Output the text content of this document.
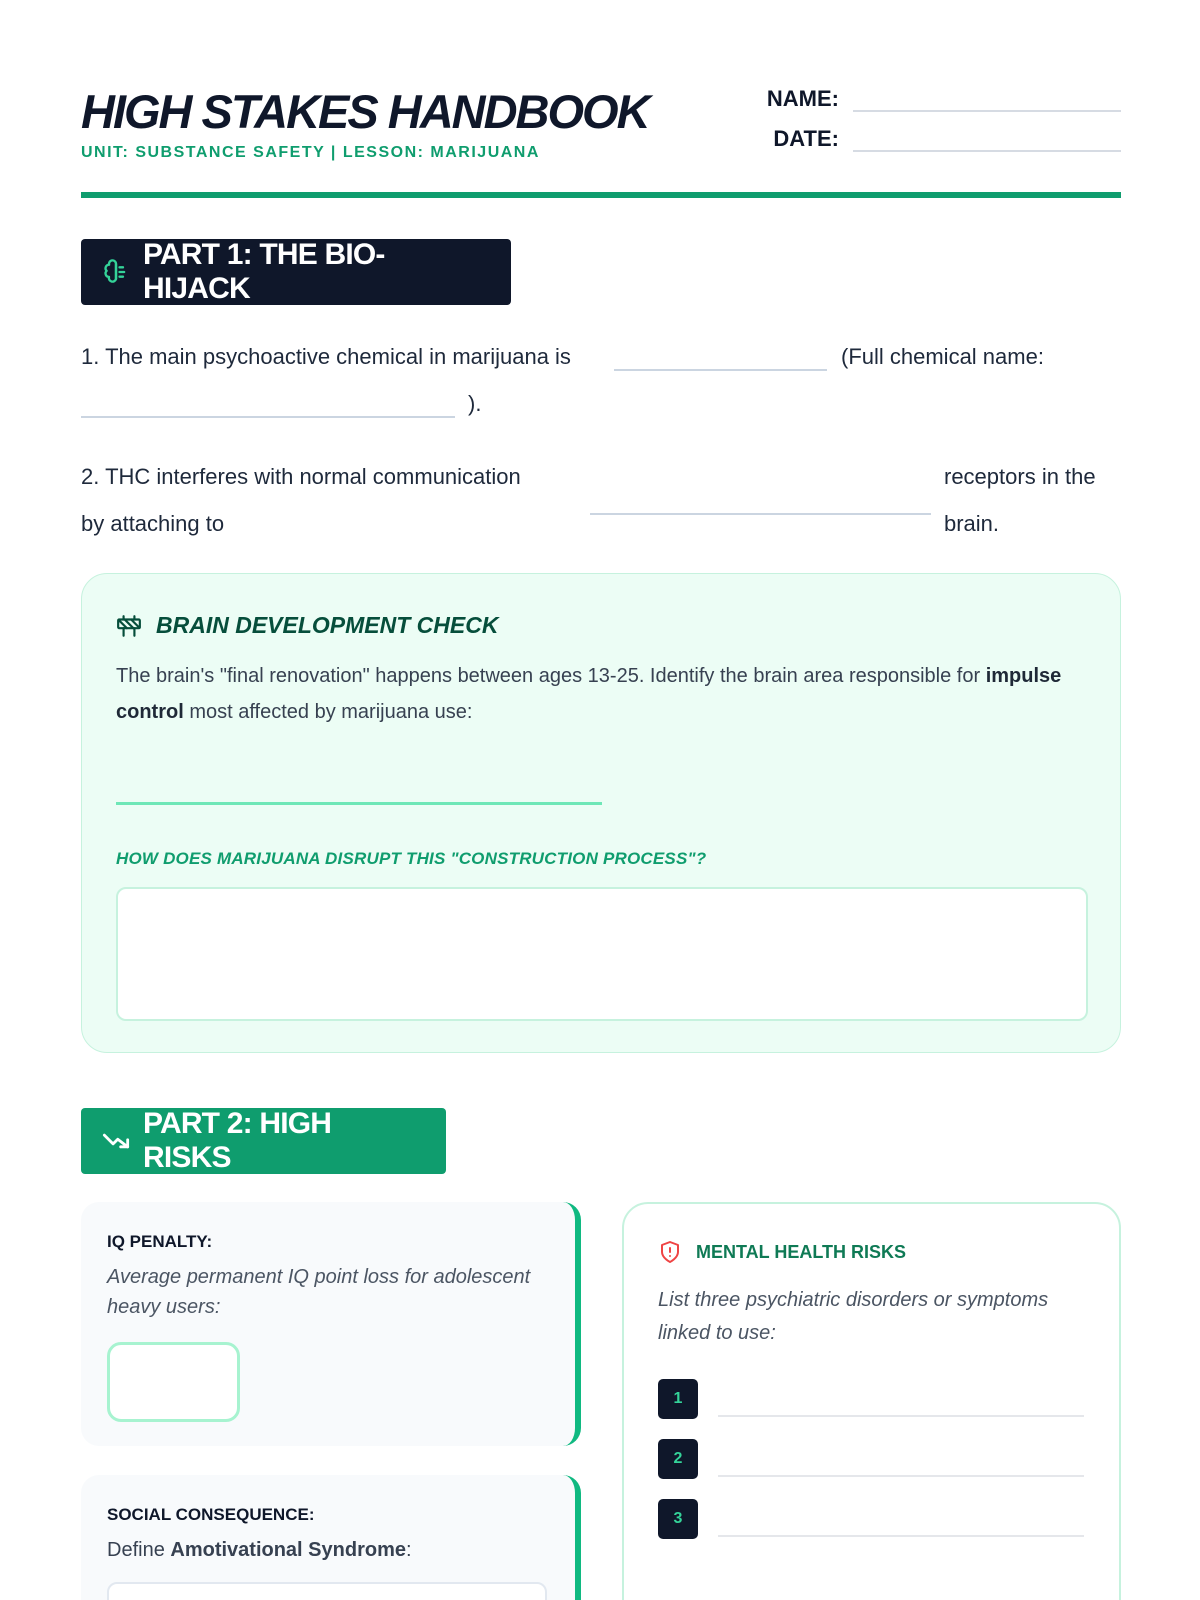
HIGH STAKES HANDBOOK
UNIT: SUBSTANCE SAFETY | LESSON: MARIJUANA
NAME:
DATE:
PART 1: THE BIO-HIJACK
1. The main psychoactive chemical in marijuana is	(Full chemical name:
).
2. THC interferes with normal communication
by attaching to
receptors in the
brain.
BRAIN DEVELOPMENT CHECK
The brain's "final renovation" happens between ages 13-25. Identify the brain area responsible for impulse control most affected by marijuana use:
HOW DOES MARIJUANA DISRUPT THIS "CONSTRUCTION PROCESS"?
PART 2: HIGH RISKS
IQ PENALTY:
Average permanent IQ point loss for adolescent heavy users:
SOCIAL CONSEQUENCE:
Define Amotivational Syndrome:
MENTAL HEALTH RISKS
List three psychiatric disorders or symptoms linked to use:
1
2
3
